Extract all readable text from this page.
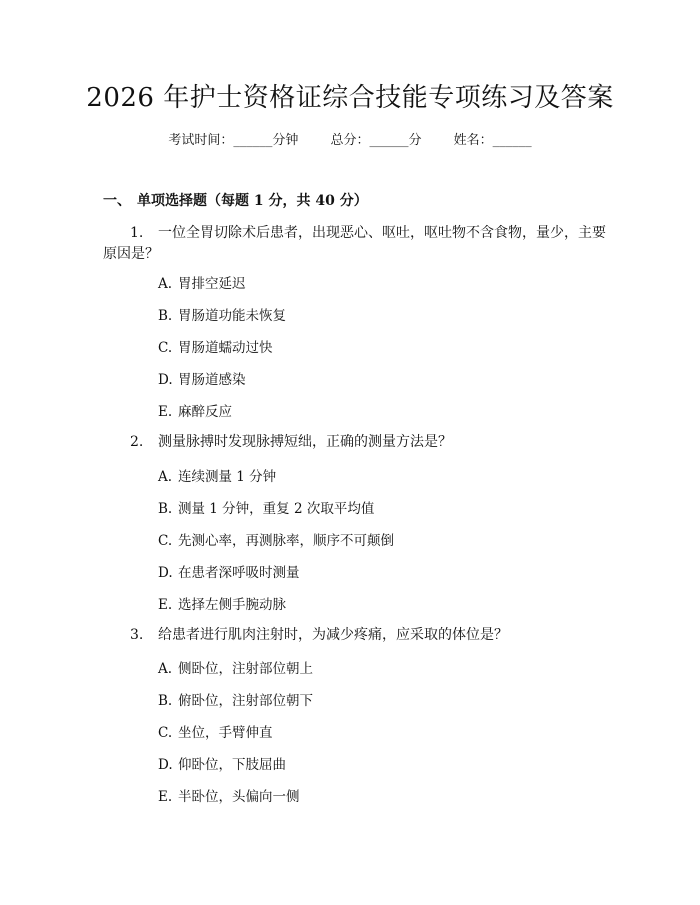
2026 年护士资格证综合技能专项练习及答案
考试时间：______分钟 总分：______分 姓名：______
一、 单项选择题（每题 1 分，共 40 分）
1. 一位全胃切除术后患者，出现恶心、呕吐，呕吐物不含食物，量少，主要
原因是？
A. 胃排空延迟
B. 胃肠道功能未恢复
C. 胃肠道蠕动过快
D. 胃肠道感染
E. 麻醉反应
2. 测量脉搏时发现脉搏短绌，正确的测量方法是？
A. 连续测量 1 分钟
B. 测量 1 分钟，重复 2 次取平均值
C. 先测心率，再测脉率，顺序不可颠倒
D. 在患者深呼吸时测量
E. 选择左侧手腕动脉
3. 给患者进行肌肉注射时，为减少疼痛，应采取的体位是？
A. 侧卧位，注射部位朝上
B. 俯卧位，注射部位朝下
C. 坐位，手臂伸直
D. 仰卧位，下肢屈曲
E. 半卧位，头偏向一侧
